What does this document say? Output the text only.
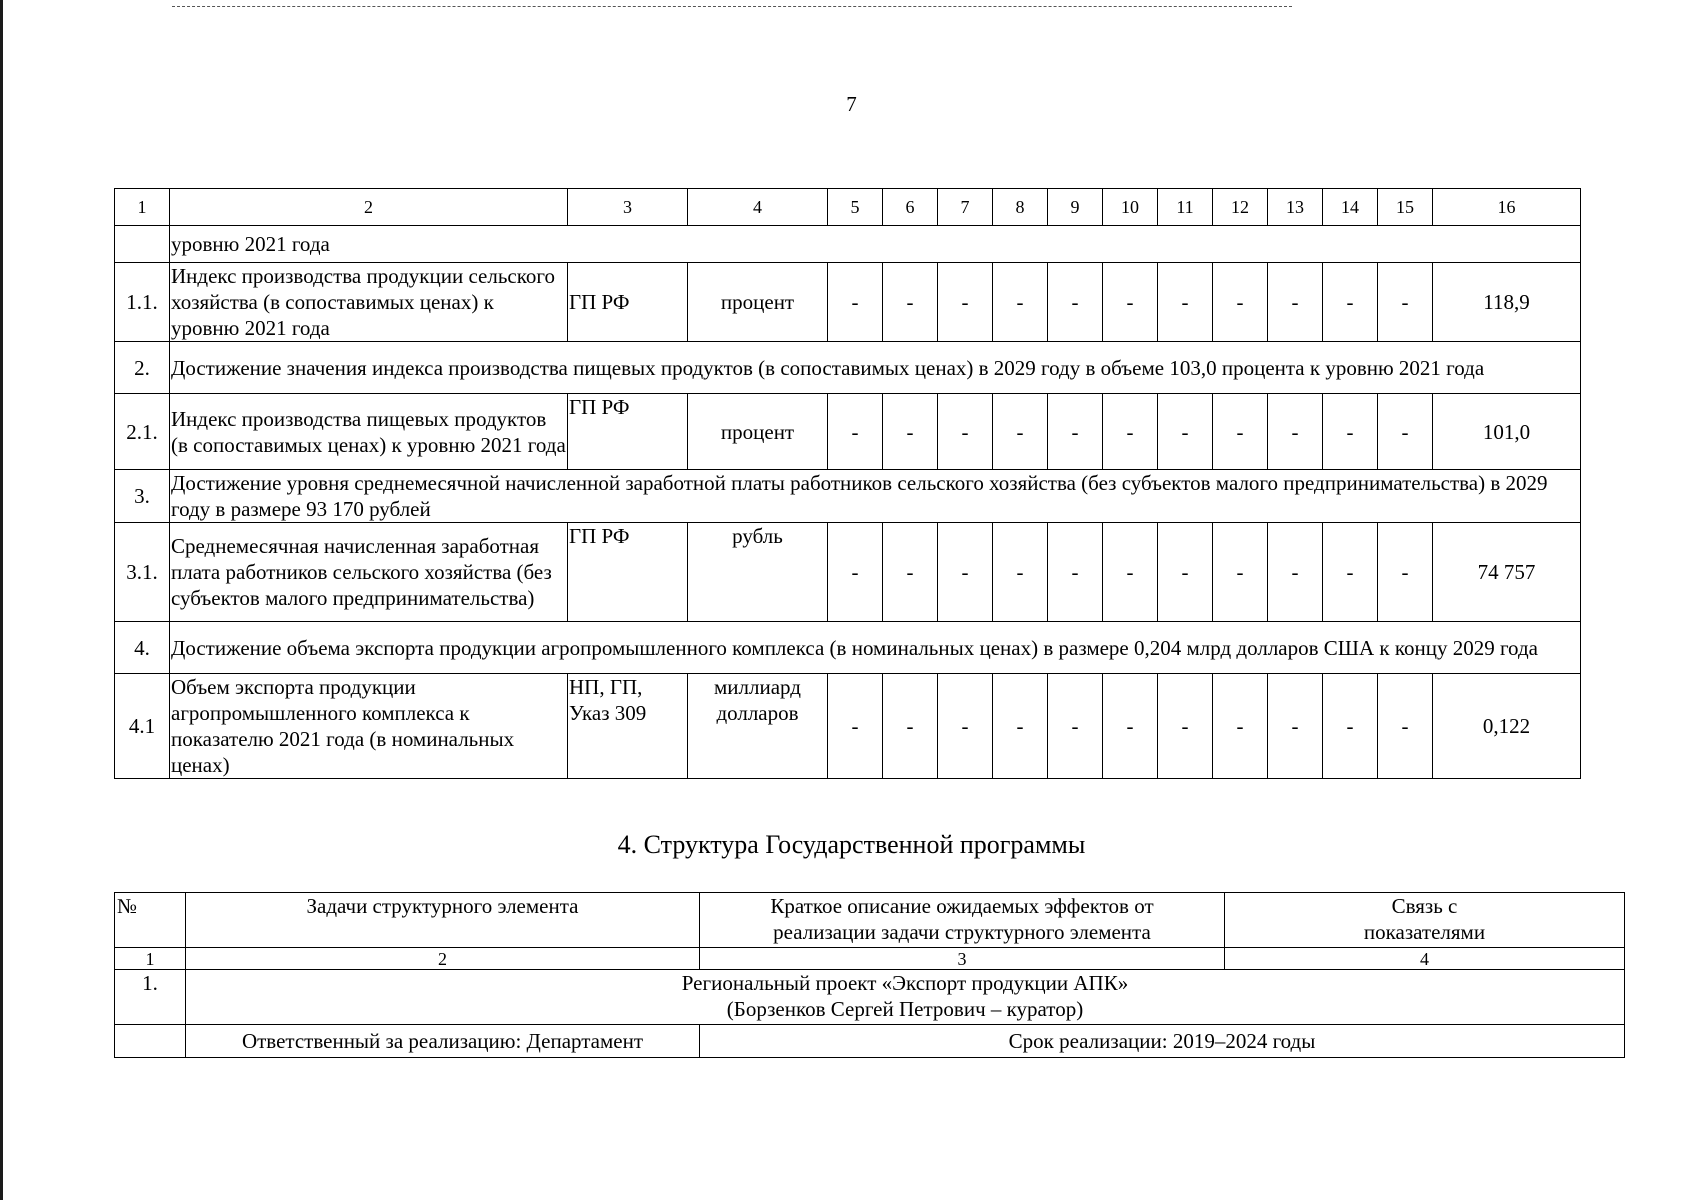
7
1	2	3	4	5	6	7	8	9	10	11	12	13	14	15	16
	уровню 2021 года														
1.1.	Индекс производства продукции сельского хозяйства (в сопоставимых ценах) к уровню 2021 года	ГП РФ	процент	-	-	-	-	-	-	-	-	-	-	-	118,9
2.	Достижение значения индекса производства пищевых продуктов (в сопоставимых ценах) в 2029 году в объеме 103,0 процента к уровню 2021 года														
2.1.	Индекс производства пищевых продуктов (в сопоставимых ценах) к уровню 2021 года	ГП РФ	процент	-	-	-	-	-	-	-	-	-	-	-	101,0
3.	Достижение уровня среднемесячной начисленной заработной платы работников сельского хозяйства (без субъектов малого предпринимательства) в 2029 году в размере 93 170 рублей														
3.1.	Среднемесячная начисленная заработная плата работников сельского хозяйства (без субъектов малого предпринимательства)	ГП РФ	рубль	-	-	-	-	-	-	-	-	-	-	-	74 757
4.	Достижение объема экспорта продукции агропромышленного комплекса (в номинальных ценах) в размере 0,204 млрд долларов США к концу 2029 года														
4.1	Объем экспорта продукции агропромышленного комплекса к показателю 2021 года (в номинальных ценах)	НП, ГП, Указ 309	миллиард долларов	-	-	-	-	-	-	-	-	-	-	-	0,122
4. Структура Государственной программы
№	Задачи структурного элемента	Краткое описание ожидаемых эффектов от реализации задачи структурного элемента	Связь с показателями
1	2	3	4
1.	Региональный проект «Экспорт продукции АПК»
(Борзенков Сергей Петрович – куратор)		

	Ответственный за реализацию: Департамент	Срок реализации: 2019–2024 годы	
